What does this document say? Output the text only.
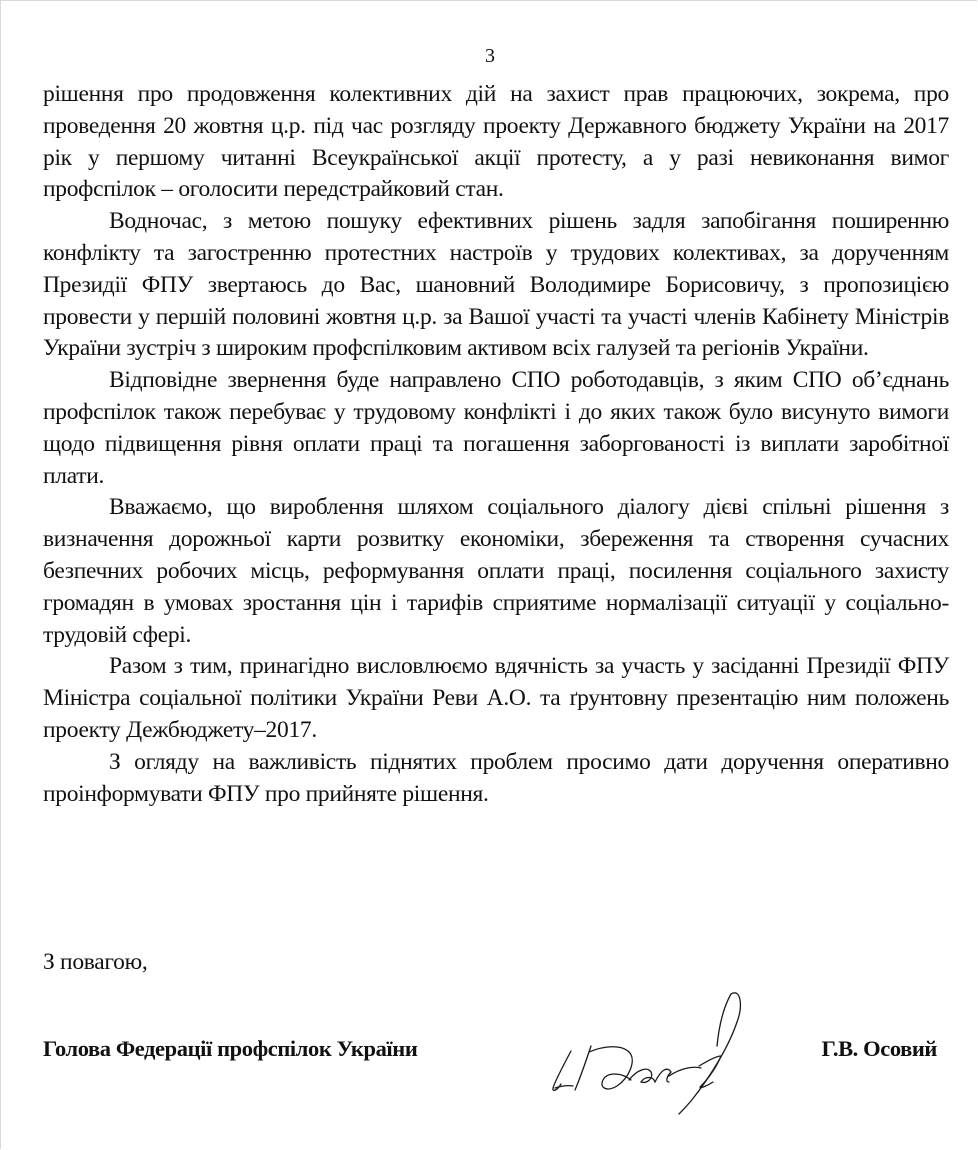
3

рішення про продовження колективних дій на захист прав працюючих, зокрема, про проведення 20 жовтня ц.р. під час розгляду проекту Державного бюджету України на 2017 рік у першому читанні Всеукраїнської акції протесту, а у разі невиконання вимог профспілок – оголосити передстрайковий стан.

Водночас, з метою пошуку ефективних рішень задля запобігання поширенню конфлікту та загостренню протестних настроїв у трудових колективах, за дорученням Президії ФПУ звертаюсь до Вас, шановний Володимире Борисовичу, з пропозицією провести у першій половині жовтня ц.р. за Вашої участі та участі членів Кабінету Міністрів України зустріч з широким профспілковим активом всіх галузей та регіонів України.

Відповідне звернення буде направлено СПО роботодавців, з яким СПО об’єднань профспілок також перебуває у трудовому конфлікті і до яких також було висунуто вимоги щодо підвищення рівня оплати праці та погашення заборгованості із виплати заробітної плати.

Вважаємо, що вироблення шляхом соціального діалогу дієві спільні рішення з визначення дорожньої карти розвитку економіки, збереження та створення сучасних безпечних робочих місць, реформування оплати праці, посилення соціального захисту громадян в умовах зростання цін і тарифів сприятиме нормалізації ситуації у соціально-трудовій сфері.

Разом з тим, принагідно висловлюємо вдячність за участь у засіданні Президії ФПУ Міністра соціальної політики України Реви А.О. та ґрунтовну презентацію ним положень проекту Дежбюджету–2017.

З огляду на важливість піднятих проблем просимо дати доручення оперативно проінформувати ФПУ про прийняте рішення.

З повагою,
Голова Федерації профспілок України	Г.В. Осовий
